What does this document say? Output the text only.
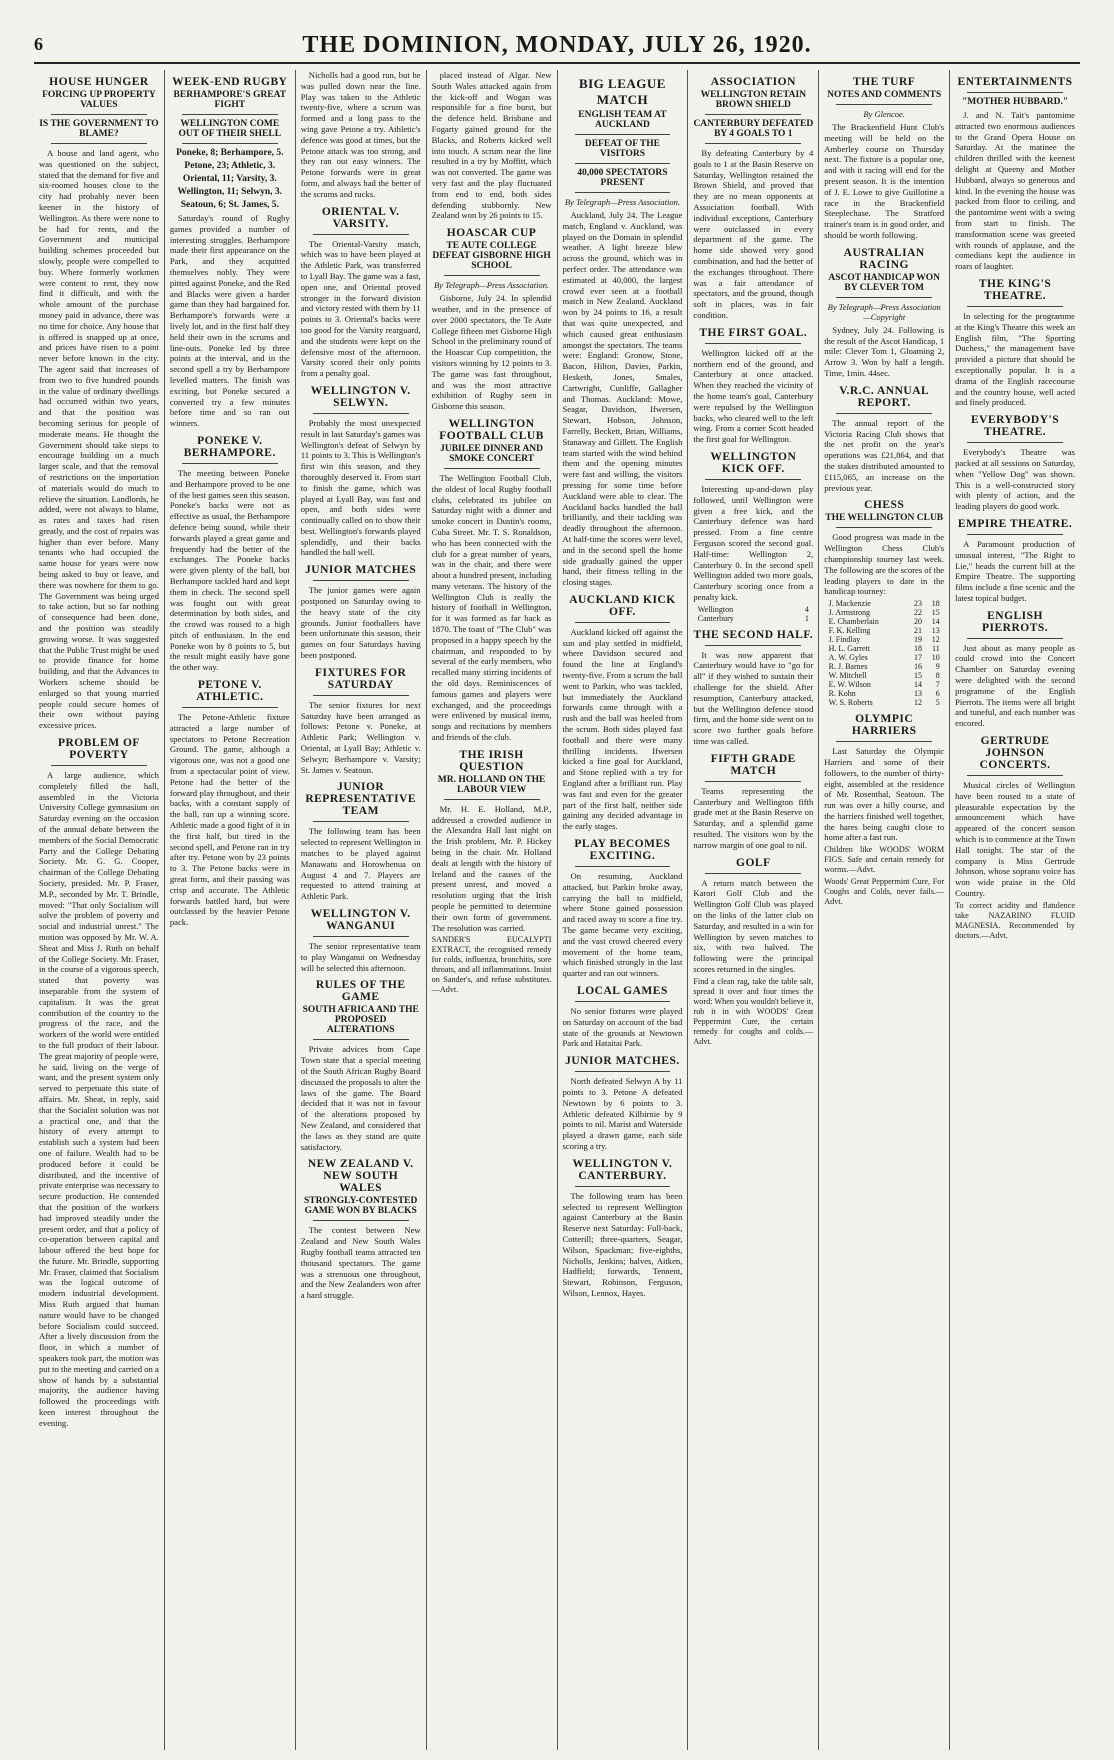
6	THE DOMINION, MONDAY, JULY 26, 1920.
HOUSE HUNGER
FORCING UP PROPERTY VALUES
IS THE GOVERNMENT TO BLAME?

A house and land agent, who was questioned on the subject, stated that the demand for five and six-roomed houses close to the city had probably never been keener in the history of Wellington. As there were none to be had for rents, and the Government and municipal building schemes proceeded but slowly, people were compelled to buy. Where formerly workmen were content to rent, they now find it difficult, and with the whole amount of the purchase money paid in advance, there was no time for choice. Any house that is offered is snapped up at once, and prices have risen to a point never before known in the city. The agent said that increases of from two to five hundred pounds in the value of ordinary dwellings had occurred within two years, and that the position was becoming serious for people of moderate means. He thought the Government should take steps to encourage building on a much larger scale, and that the removal of restrictions on the importation of materials would do much to relieve the situation. Landlords, he added, were not always to blame, as rates and taxes had risen greatly, and the cost of repairs was higher than ever before. Many tenants who had occupied the same house for years were now being asked to buy or leave, and there was nowhere for them to go. The Government was being urged to take action, but so far nothing of consequence had been done, and the position was steadily growing worse. It was suggested that the Public Trust might be used to provide finance for home building, and that the Advances to Workers scheme should be enlarged so that young married people could secure homes of their own without paying excessive prices.

PROBLEM OF POVERTY

A large audience, which completely filled the hall, assembled in the Victoria University College gymnasium on Saturday evening on the occasion of the annual debate between the members of the Social Democratic Party and the College Debating Society. Mr. G. G. Cooper, chairman of the College Debating Society, presided. Mr. P. Fraser, M.P., seconded by Mr. T. Brindle, moved: "That only Socialism will solve the problem of poverty and social and industrial unrest." The motion was opposed by Mr. W. A. Sheat and Miss J. Ruth on behalf of the College Society. Mr. Fraser, in the course of a vigorous speech, stated that poverty was inseparable from the system of capitalism. It was the great contribution of the country to the progress of the race, and the workers of the world were entitled to the full product of their labour. The great majority of people were, he said, living on the verge of want, and the present system only served to perpetuate this state of affairs. Mr. Sheat, in reply, said that the Socialist solution was not a practical one, and that the history of every attempt to establish such a system had been one of failure. Wealth had to be produced before it could be distributed, and the incentive of private enterprise was necessary to secure production. He contended that the position of the workers had improved steadily under the present order, and that a policy of co-operation between capital and labour offered the best hope for the future. Mr. Brindle, supporting Mr. Fraser, claimed that Socialism was the logical outcome of modern industrial development. Miss Ruth argued that human nature would have to be changed before Socialism could succeed. After a lively discussion from the floor, in which a number of speakers took part, the motion was put to the meeting and carried on a show of hands by a substantial majority, the audience having followed the proceedings with keen interest throughout the evening.

WEEK-END RUGBY
BERHAMPORE'S GREAT FIGHT
WELLINGTON COME OUT OF THEIR SHELL
Poneke, 8; Berhampore, 5.
Petone, 23; Athletic, 3.
Oriental, 11; Varsity, 3.
Wellington, 11; Selwyn, 3.
Seatoun, 6; St. James, 5.

Saturday's round of Rugby games provided a number of interesting struggles. Berhampore made their first appearance on the Park, and they acquitted themselves nobly. They were pitted against Poneke, and the Red and Blacks were given a harder game than they had bargained for. Berhampore's forwards were a lively lot, and in the first half they held their own in the scrums and line-outs. Poneke led by three points at the interval, and in the second spell a try by Berhampore levelled matters. The finish was exciting, but Poneke secured a converted try a few minutes before time and so ran out winners.

PONEKE V. BERHAMPORE.

The meeting between Poneke and Berhampore proved to be one of the best games seen this season. Poneke's backs were not as effective as usual, the Berhampore defence being sound, while their forwards played a great game and frequently had the better of the exchanges. The Poneke backs were given plenty of the ball, but Berhampore tackled hard and kept them in check. The second spell was fought out with great determination by both sides, and the crowd was roused to a high pitch of enthusiasm. In the end Poneke won by 8 points to 5, but the result might easily have gone the other way.

PETONE V. ATHLETIC.

The Petone-Athletic fixture attracted a large number of spectators to Petone Recreation Ground. The game, although a vigorous one, was not a good one from a spectacular point of view. Petone had the better of the forward play throughout, and their backs, with a constant supply of the ball, ran up a winning score. Athletic made a good fight of it in the first half, but tired in the second spell, and Petone ran in try after try. Petone won by 23 points to 3. The Petone backs were in great form, and their passing was crisp and accurate. The Athletic forwards battled hard, but were outclassed by the heavier Petone pack.

Nicholls had a good run, but he was pulled down near the line. Play was taken to the Athletic twenty-five, where a scrum was formed and a long pass to the wing gave Petone a try. Athletic's defence was good at times, but the Petone attack was too strong, and they ran out easy winners. The Petone forwards were in great form, and always had the better of the scrums and rucks.

ORIENTAL V. VARSITY.

The Oriental-Varsity match, which was to have been played at the Athletic Park, was transferred to Lyall Bay. The game was a fast, open one, and Oriental proved stronger in the forward division and victory rested with them by 11 points to 3. Oriental's backs were too good for the Varsity rearguard, and the students were kept on the defensive most of the afternoon. Varsity scored their only points from a penalty goal.

WELLINGTON V. SELWYN.

Probably the most unexpected result in last Saturday's games was Wellington's defeat of Selwyn by 11 points to 3. This is Wellington's first win this season, and they thoroughly deserved it. From start to finish the game, which was played at Lyall Bay, was fast and open, and both sides were continually called on to show their best. Wellington's forwards played splendidly, and their backs handled the ball well.

JUNIOR MATCHES

The junior games were again postponed on Saturday owing to the heavy state of the city grounds. Junior footballers have been unfortunate this season, their games on four Saturdays having been postponed.

FIXTURES FOR SATURDAY

The senior fixtures for next Saturday have been arranged as follows: Petone v. Poneke, at Athletic Park; Wellington v. Oriental, at Lyall Bay; Athletic v. Selwyn; Berhampore v. Varsity; St. James v. Seatoun.

JUNIOR REPRESENTATIVE TEAM

The following team has been selected to represent Wellington in matches to be played against Manawatu and Horowhenua on August 4 and 7. Players are requested to attend training at Athletic Park.

WELLINGTON V. WANGANUI

The senior representative team to play Wanganui on Wednesday will be selected this afternoon.

RULES OF THE GAME
SOUTH AFRICA AND THE PROPOSED ALTERATIONS

Private advices from Cape Town state that a special meeting of the South African Rugby Board discussed the proposals to alter the laws of the game. The Board decided that it was not in favour of the alterations proposed by New Zealand, and considered that the laws as they stand are quite satisfactory.

NEW ZEALAND V. NEW SOUTH WALES
STRONGLY-CONTESTED GAME WON BY BLACKS

The contest between New Zealand and New South Wales Rugby football teams attracted ten thousand spectators. The game was a strenuous one throughout, and the New Zealanders won after a hard struggle.

placed instead of Algar. New South Wales attacked again from the kick-off and Wogan was responsible for a fine burst, but the defence held. Brisbane and Fogarty gained ground for the Blacks, and Roberts kicked well into touch. A scrum near the line resulted in a try by Moffitt, which was not converted. The game was very fast and the play fluctuated from end to end, both sides defending stubbornly. New Zealand won by 26 points to 15.

HOASCAR CUP
TE AUTE COLLEGE DEFEAT GISBORNE HIGH SCHOOL
By Telegraph—Press Association.

Gisborne, July 24. In splendid weather, and in the presence of over 2000 spectators, the Te Aute College fifteen met Gisborne High School in the preliminary round of the Hoascar Cup competition, the visitors winning by 12 points to 3. The game was fast throughout, and was the most attractive exhibition of Rugby seen in Gisborne this season.

WELLINGTON FOOTBALL CLUB
JUBILEE DINNER AND SMOKE CONCERT

The Wellington Football Club, the oldest of local Rugby football clubs, celebrated its jubilee on Saturday night with a dinner and smoke concert in Dustin's rooms, Cuba Street. Mr. T. S. Ronaldson, who has been connected with the club for a great number of years, was in the chair, and there were about a hundred present, including many veterans. The history of the Wellington Club is really the history of football in Wellington, for it was formed as far back as 1870. The toast of "The Club" was proposed in a happy speech by the chairman, and responded to by several of the early members, who recalled many stirring incidents of the old days. Reminiscences of famous games and players were exchanged, and the proceedings were enlivened by musical items, songs and recitations by members and friends of the club.

THE IRISH QUESTION
MR. HOLLAND ON THE LABOUR VIEW

Mr. H. E. Holland, M.P., addressed a crowded audience in the Alexandra Hall last night on the Irish problem, Mr. P. Hickey being in the chair. Mr. Holland dealt at length with the history of Ireland and the causes of the present unrest, and moved a resolution urging that the Irish people be permitted to determine their own form of government. The resolution was carried.

SANDER'S EUCALYPTI EXTRACT, the recognised remedy for colds, influenza, bronchitis, sore throats, and all inflammations. Insist on Sander's, and refuse substitutes.—Advt.
BIG LEAGUE MATCH
ENGLISH TEAM AT AUCKLAND
DEFEAT OF THE VISITORS
40,000 SPECTATORS PRESENT
By Telegraph—Press Association.

Auckland, July 24. The League match, England v. Auckland, was played on the Domain in splendid weather. A light breeze blew across the ground, which was in perfect order. The attendance was estimated at 40,000, the largest crowd ever seen at a football match in New Zealand. Auckland won by 24 points to 16, a result that was quite unexpected, and which caused great enthusiasm amongst the spectators. The teams were: England: Gronow, Stone, Bacon, Hilton, Davies, Parkin, Hesketh, Jones, Smales, Cartwright, Cunliffe, Gallagher and Thomas. Auckland: Mowe, Seagar, Davidson, Ifwersen, Stewart, Hobson, Johnson, Farrelly, Beckett, Brian, Williams, Stanaway and Gillett. The English team started with the wind behind them and the opening minutes were fast and willing, the visitors pressing for some time before Auckland were able to clear. The Auckland backs handled the ball brilliantly, and their tackling was deadly throughout the afternoon. At half-time the scores were level, and in the second spell the home side gradually gained the upper hand, their fitness telling in the closing stages.

AUCKLAND KICK OFF.

Auckland kicked off against the sun and play settled in midfield, where Davidson secured and found the line at England's twenty-five. From a scrum the ball went to Parkin, who was tackled, but immediately the Auckland forwards came through with a rush and the ball was heeled from the scrum. Both sides played fast football and there were many thrilling incidents. Ifwersen kicked a fine goal for Auckland, and Stone replied with a try for England after a brilliant run. Play was fast and even for the greater part of the first half, neither side gaining any decided advantage in the early stages.

PLAY BECOMES EXCITING.

On resuming, Auckland attacked, but Parkin broke away, carrying the ball to midfield, where Stone gained possession and raced away to score a fine try. The game became very exciting, and the vast crowd cheered every movement of the home team, which finished strongly in the last quarter and ran out winners.

LOCAL GAMES

No senior fixtures were played on Saturday on account of the bad state of the grounds at Newtown Park and Hataitai Park.

JUNIOR MATCHES.

North defeated Selwyn A by 11 points to 3. Petone A defeated Newtown by 6 points to 3. Athletic defeated Kilbirnie by 9 points to nil. Marist and Waterside played a drawn game, each side scoring a try.

WELLINGTON V. CANTERBURY.

The following team has been selected to represent Wellington against Canterbury at the Basin Reserve next Saturday: Full-back, Cotterill; three-quarters, Seagar, Wilson, Spackman; five-eighths, Nicholls, Jenkins; halves, Aitken, Hadfield; forwards, Tennent, Stewart, Robinson, Ferguson, Wilson, Lennox, Hayes.

ASSOCIATION
WELLINGTON RETAIN BROWN SHIELD
CANTERBURY DEFEATED BY 4 GOALS TO 1

By defeating Canterbury by 4 goals to 1 at the Basin Reserve on Saturday, Wellington retained the Brown Shield, and proved that they are no mean opponents at Association football. With individual exceptions, Canterbury were outclassed in every department of the game. The home side showed very good combination, and had the better of the exchanges throughout. There was a fair attendance of spectators, and the ground, though soft in places, was in fair condition.

THE FIRST GOAL.

Wellington kicked off at the northern end of the ground, and Canterbury at once attacked. When they reached the vicinity of the home team's goal, Canterbury were repulsed by the Wellington backs, who cleared well to the left wing. From a corner Scott headed the first goal for Wellington.

WELLINGTON KICK OFF.

Interesting up-and-down play followed, until Wellington were given a free kick, and the Canterbury defence was hard pressed. From a fine centre Ferguson scored the second goal. Half-time: Wellington 2, Canterbury 0. In the second spell Wellington added two more goals, Canterbury scoring once from a penalty kick.

Wellington	4
Canterbury	1
THE SECOND HALF.

It was now apparent that Canterbury would have to "go for all" if they wished to sustain their challenge for the shield. After resumption, Canterbury attacked, but the Wellington defence stood firm, and the home side went on to score two further goals before time was called.

FIFTH GRADE MATCH

Teams representing the Canterbury and Wellington fifth grade met at the Basin Reserve on Saturday, and a splendid game resulted. The visitors won by the narrow margin of one goal to nil.

GOLF

A return match between the Karori Golf Club and the Wellington Golf Club was played on the links of the latter club on Saturday, and resulted in a win for Wellington by seven matches to six, with two halved. The following were the principal scores returned in the singles.

Find a clean rag, take the table salt, spread it over and four times the word: When you wouldn't believe it, rub it in with WOODS' Great Peppermint Cure, the certain remedy for coughs and colds.—Advt.
THE TURF
NOTES AND COMMENTS
By Glencoe.

The Brackenfield Hunt Club's meeting will be held on the Amberley course on Thursday next. The fixture is a popular one, and with it racing will end for the present season. It is the intention of J. E. Lowe to give Guillotine a race in the Brackenfield Steeplechase. The Stratford trainer's team is in good order, and should be worth following.

AUSTRALIAN RACING
ASCOT HANDICAP WON BY CLEVER TOM
By Telegraph—Press Association—Copyright

Sydney, July 24. Following is the result of the Ascot Handicap, 1 mile: Clever Tom 1, Gloaming 2, Arrow 3. Won by half a length. Time, 1min. 44sec.

V.R.C. ANNUAL REPORT.

The annual report of the Victoria Racing Club shows that the net profit on the year's operations was £21,864, and that the stakes distributed amounted to £115,065, an increase on the previous year.

CHESS
THE WELLINGTON CLUB

Good progress was made in the Wellington Chess Club's championship tourney last week. The following are the scores of the leading players to date in the handicap tourney:

J. Mackenzie	23	18
J. Armstrong	22	15
E. Chamberlain	20	14
F. K. Kelling	21	13
J. Findlay	19	12
H. L. Garrett	18	11
A. W. Gyles	17	10
R. J. Barnes	16	9
W. Mitchell	15	8
E. W. Wilson	14	7
R. Kohn	13	6
W. S. Roberts	12	5
OLYMPIC HARRIERS

Last Saturday the Olympic Harriers and some of their followers, to the number of thirty-eight, assembled at the residence of Mr. Rosenthal, Seatoun. The run was over a hilly course, and the harriers finished well together, the hares being caught close to home after a fast run.

Children like WOODS' WORM FIGS. Safe and certain remedy for worms.—Advt.
Woods' Great Peppermint Cure, For Coughs and Colds, never fails.—Advt.
ENTERTAINMENTS
"MOTHER HUBBARD."

J. and N. Tait's pantomime attracted two enormous audiences to the Grand Opera House on Saturday. At the matinee the children thrilled with the keenest delight at Queeny and Mother Hubbard, always so generous and kind. In the evening the house was packed from floor to ceiling, and the pantomime went with a swing from start to finish. The transformation scene was greeted with rounds of applause, and the comedians kept the audience in roars of laughter.

THE KING'S THEATRE.

In selecting for the programme at the King's Theatre this week an English film, "The Sporting Duchess," the management have provided a picture that should be exceptionally popular. It is a drama of the English racecourse and the country house, well acted and finely produced.

EVERYBODY'S THEATRE.

Everybody's Theatre was packed at all sessions on Saturday, when "Yellow Dog" was shown. This is a well-constructed story with plenty of action, and the leading players do good work.

EMPIRE THEATRE.

A Paramount production of unusual interest, "The Right to Lie," heads the current bill at the Empire Theatre. The supporting films include a fine scenic and the latest topical budget.

ENGLISH PIERROTS.

Just about as many people as could crowd into the Concert Chamber on Saturday evening were delighted with the second programme of the English Pierrots. The items were all bright and tuneful, and each number was encored.

GERTRUDE JOHNSON CONCERTS.

Musical circles of Wellington have been roused to a state of pleasurable expectation by the announcement which have appeared of the concert season which is to commence at the Town Hall tonight. The star of the company is Miss Gertrude Johnson, whose soprano voice has won wide praise in the Old Country.

To correct acidity and flatulence take NAZARINO FLUID MAGNESIA. Recommended by doctors.—Advt.
